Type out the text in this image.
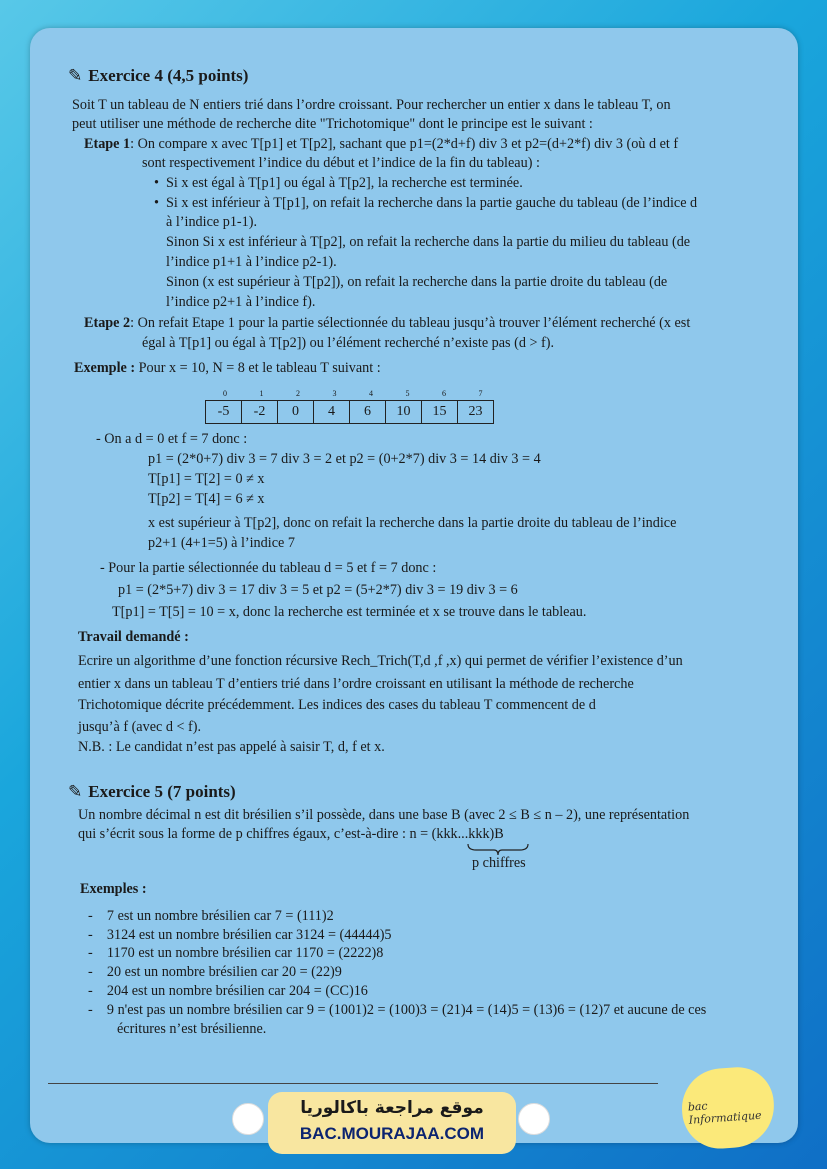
✎ Exercice 4 (4,5 points)
Soit T un tableau de N entiers trié dans l’ordre croissant. Pour rechercher un entier x dans le tableau T, on
peut utiliser une méthode de recherche dite "Trichotomique" dont le principe est le suivant :
Etape 1: On compare x avec T[p1] et T[p2], sachant que p1=(2*d+f) div 3 et p2=(d+2*f) div 3 (où d et f
sont respectivement l’indice du début et l’indice de la fin du tableau) :
• Si x est égal à T[p1] ou égal à T[p2], la recherche est terminée.
• Si x est inférieur à T[p1], on refait la recherche dans la partie gauche du tableau (de l’indice d
à l’indice p1-1).
Sinon Si x est inférieur à T[p2], on refait la recherche dans la partie du milieu du tableau (de
l’indice p1+1 à l’indice p2-1).
Sinon (x est supérieur à T[p2]), on refait la recherche dans la partie droite du tableau (de
l’indice p2+1 à l’indice f).
Etape 2: On refait Etape 1 pour la partie sélectionnée du tableau jusqu’à trouver l’élément recherché (x est
égal à T[p1] ou égal à T[p2]) ou l’élément recherché n’existe pas (d > f).
Exemple : Pour x = 10, N = 8 et le tableau T suivant :
0	1	2	3	4	5	6	7
-5	-2	0	4	6	10	15	23
- On a d = 0 et f = 7 donc :
p1 = (2*0+7) div 3 = 7 div 3 = 2 et p2 = (0+2*7) div 3 = 14 div 3 = 4
T[p1] = T[2] = 0 ≠ x
T[p2] = T[4] = 6 ≠ x
x est supérieur à T[p2], donc on refait la recherche dans la partie droite du tableau de l’indice
p2+1 (4+1=5) à l’indice 7
- Pour la partie sélectionnée du tableau d = 5 et f = 7 donc :
p1 = (2*5+7) div 3 = 17 div 3 = 5 et p2 = (5+2*7) div 3 = 19 div 3 = 6
T[p1] = T[5] = 10 = x, donc la recherche est terminée et x se trouve dans le tableau.
Travail demandé :
Ecrire un algorithme d’une fonction récursive Rech_Trich(T,d ,f ,x) qui permet de vérifier l’existence d’un
entier x dans un tableau T d’entiers trié dans l’ordre croissant en utilisant la méthode de recherche
Trichotomique décrite précédemment. Les indices des cases du tableau T commencent de d
jusqu’à f (avec d < f).
N.B. : Le candidat n’est pas appelé à saisir T, d, f et x.
✎ Exercice 5 (7 points)
Un nombre décimal n est dit brésilien s’il possède, dans une base B (avec 2 ≤ B ≤ n – 2), une représentation
qui s’écrit sous la forme de p chiffres égaux, c’est-à-dire : n = (kkk...kkk)B
p chiffres
Exemples :
-    7 est un nombre brésilien car 7 = (111)2
-    3124 est un nombre brésilien car 3124 = (44444)5
-    1170 est un nombre brésilien car 1170 = (2222)8
-    20 est un nombre brésilien car 20 = (22)9
-    204 est un nombre brésilien car 204 = (CC)16
-    9 n'est pas un nombre brésilien car 9 = (1001)2 = (100)3 = (21)4 = (14)5 = (13)6 = (12)7 et aucune de ces
écritures n’est brésilienne.
موقع مراجعة باكالوريا
BAC.MOURAJAA.COM
bac Informatique
